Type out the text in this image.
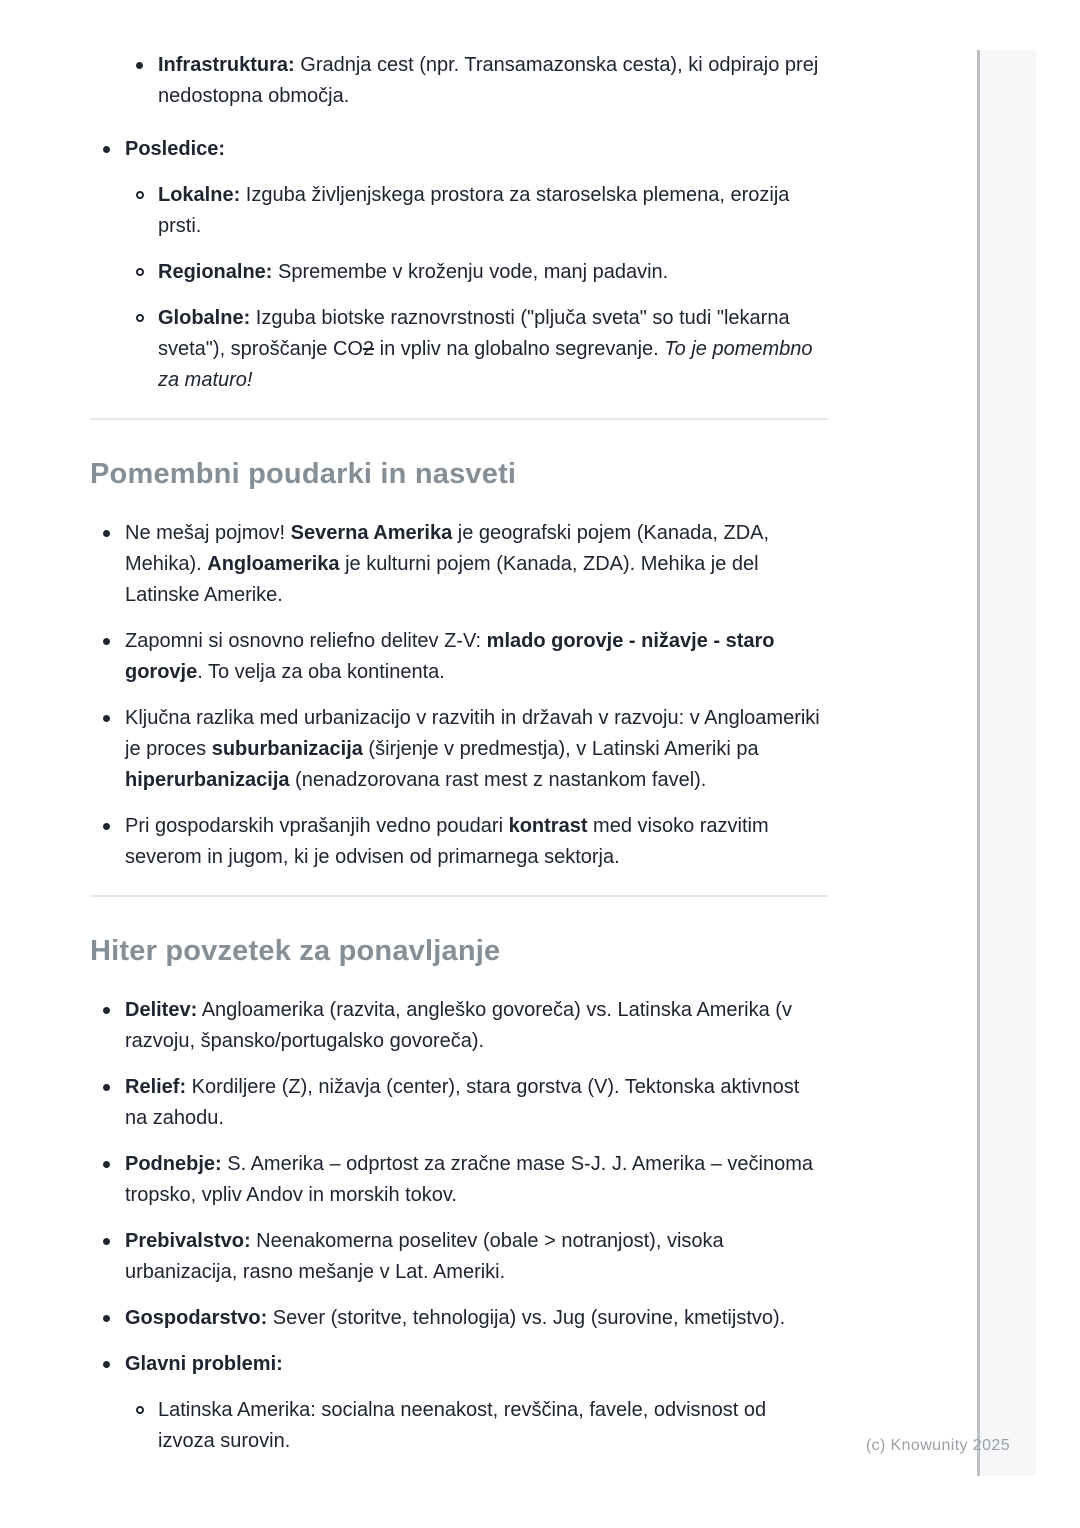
Infrastruktura: Gradnja cest (npr. Transamazonska cesta), ki odpirajo prej nedostopna območja.
Posledice:
Lokalne: Izguba življenjskega prostora za staroselska plemena, erozija prsti.
Regionalne: Spremembe v kroženju vode, manj padavin.
Globalne: Izguba biotske raznovrstnosti ("pljuča sveta" so tudi "lekarna sveta"), sproščanje CO2 in vpliv na globalno segrevanje. To je pomembno za maturo!
Pomembni poudarki in nasveti
Ne mešaj pojmov! Severna Amerika je geografski pojem (Kanada, ZDA, Mehika). Angloamerika je kulturni pojem (Kanada, ZDA). Mehika je del Latinske Amerike.
Zapomni si osnovno reliefno delitev Z-V: mlado gorovje - nižavje - staro gorovje. To velja za oba kontinenta.
Ključna razlika med urbanizacijo v razvitih in državah v razvoju: v Angloameriki je proces suburbanizacija (širjenje v predmestja), v Latinski Ameriki pa hiperurbanizacija (nenadzorovana rast mest z nastankom favel).
Pri gospodarskih vprašanjih vedno poudari kontrast med visoko razvitim severom in jugom, ki je odvisen od primarnega sektorja.
Hiter povzetek za ponavljanje
Delitev: Angloamerika (razvita, angleško govoreča) vs. Latinska Amerika (v razvoju, špansko/portugalsko govoreča).
Relief: Kordiljere (Z), nižavja (center), stara gorstva (V). Tektonska aktivnost na zahodu.
Podnebje: S. Amerika – odprtost za zračne mase S-J. J. Amerika – večinoma tropsko, vpliv Andov in morskih tokov.
Prebivalstvo: Neenakomerna poselitev (obale > notranjost), visoka urbanizacija, rasno mešanje v Lat. Ameriki.
Gospodarstvo: Sever (storitve, tehnologija) vs. Jug (surovine, kmetijstvo).
Glavni problemi:
Latinska Amerika: socialna neenakost, revščina, favele, odvisnost od izvoza surovin.	(c) Knowunity 2025
